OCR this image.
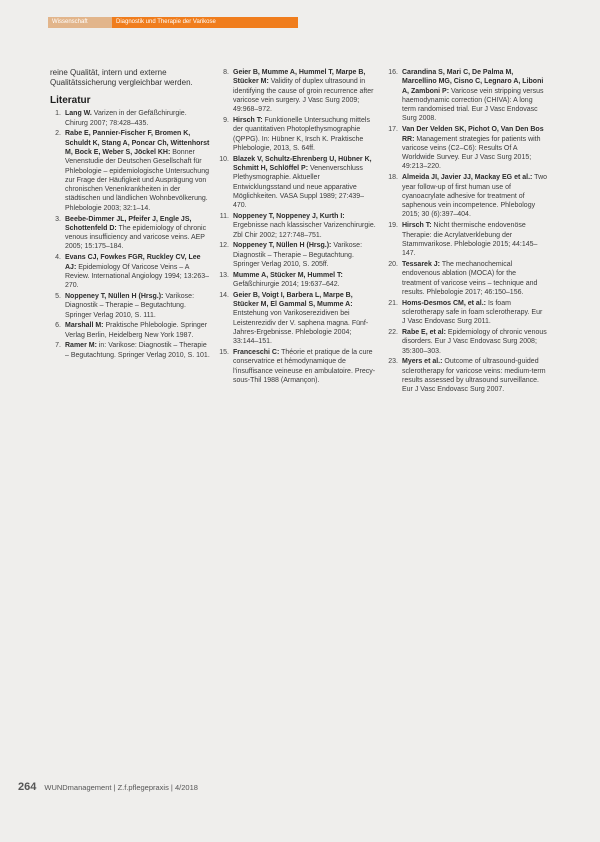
Wissenschaft	Diagnostik und Therapie der Varikose

reine Qualität, intern und externe Qualitätssicherung vergleichbar werden.

Literatur
1. Lang W. Varizen in der Gefäßchirurgie. Chirurg 2007; 78:428–435.
2. Rabe E, Pannier-Fischer F, Bromen K, Schuldt K, Stang A, Poncar Ch, Wittenhorst M, Bock E, Weber S, Jöckel KH: Bonner Venenstudie der Deutschen Gesellschaft für Phlebologie – epidemiologische Untersuchung zur Frage der Häufigkeit und Ausprägung von chronischen Venenkrankheiten in der städtischen und ländlichen Wohnbevölkerung. Phlebologie 2003; 32:1–14.
3. Beebe-Dimmer JL, Pfeifer J, Engle JS, Schottenfeld D: The epidemiology of chronic venous insufficiency and varicose veins. AEP 2005; 15:175–184.
4. Evans CJ, Fowkes FGR, Ruckley CV, Lee AJ: Epidemiology Of Varicose Veins – A Review. International Angiology 1994; 13:263–270.
5. Noppeney T, Nüllen H (Hrsg.): Varikose: Diagnostik – Therapie – Begutachtung. Springer Verlag 2010, S. 111.
6. Marshall M: Praktische Phlebologie. Springer Verlag Berlin, Heidelberg New York 1987.
7. Ramer M: in: Varikose: Diagnostik – Therapie – Begutachtung. Springer Verlag 2010, S. 101.
8. Geier B, Mumme A, Hummel T, Marpe B, Stücker M: Validity of duplex ultrasound in identifying the cause of groin recurrence after varicose vein surgery. J Vasc Surg 2009; 49:968–972.
9. Hirsch T: Funktionelle Untersuchung mittels der quantitativen Photoplethysmographie (QPPG). In: Hübner K, Irsch K. Praktische Phlebologie, 2013, S. 64ff.
10. Blazek V, Schultz-Ehrenberg U, Hübner K, Schmitt H, Schlöffel P: Venenverschluss Plethysmographie. Aktueller Entwicklungsstand und neue apparative Möglichkeiten. VASA Suppl 1989; 27:439–470.
11. Noppeney T, Noppeney J, Kurth I: Ergebnisse nach klassischer Varizenchirurgie. Zbl Chir 2002; 127:748–751.
12. Noppeney T, Nüllen H (Hrsg.): Varikose: Diagnostik – Therapie – Begutachtung. Springer Verlag 2010, S. 205ff.
13. Mumme A, Stücker M, Hummel T: Gefäßchirurgie 2014; 19:637–642.
14. Geier B, Voigt I, Barbera L, Marpe B, Stücker M, El Gammal S, Mumme A: Entstehung von Varikoserezidiven bei Leistenrezidiv der V. saphena magna. Fünf-Jahres-Ergebnisse. Phlebologie 2004; 33:144–151.
15. Franceschi C: Théorie et pratique de la cure conservatrice et hémodynamique de l'insuffisance veineuse en ambulatoire. Precy-sous-Thil 1988 (Armançon).
16. Carandina S, Mari C, De Palma M, Marcellino MG, Cisno C, Legnaro A, Liboni A, Zamboni P: Varicose vein stripping versus haemodynamic correction (CHIVA): A long term randomised trial. Eur J Vasc Endovasc Surg 2008.
17. Van Der Velden SK, Pichot O, Van Den Bos RR: Management strategies for patients with varicose veins (C2–C6): Results Of A Worldwide Survey. Eur J Vasc Surg 2015; 49:213–220.
18. Almeida JI, Javier JJ, Mackay EG et al.: Two year follow-up of first human use of cyanoacrylate adhesive for treatment of saphenous vein incompetence. Phlebology 2015; 30 (6):397–404.
19. Hirsch T: Nicht thermische endovenöse Therapie: die Acrylatverklebung der Stammvarikose. Phlebologie 2015; 44:145–147.
20. Tessarek J: The mechanochemical endovenous ablation (MOCA) for the treatment of varicose veins – technique and results. Phlebologie 2017; 46:150–156.
21. Homs-Desmos CM, et al.: Is foam sclerotherapy safe in foam sclerotherapy. Eur J Vasc Endovasc Surg 2011.
22. Rabe E, et al: Epidemiology of chronic venous disorders. Eur J Vasc Endovasc Surg 2008; 35:300–303.
23. Myers et al.: Outcome of ultrasound-guided sclerotherapy for varicose veins: medium-term results assessed by ultrasound surveillance. Eur J Vasc Endovasc Surg 2007.
264 WUNDmanagement | Z.f.pflegepraxis | 4/2018
